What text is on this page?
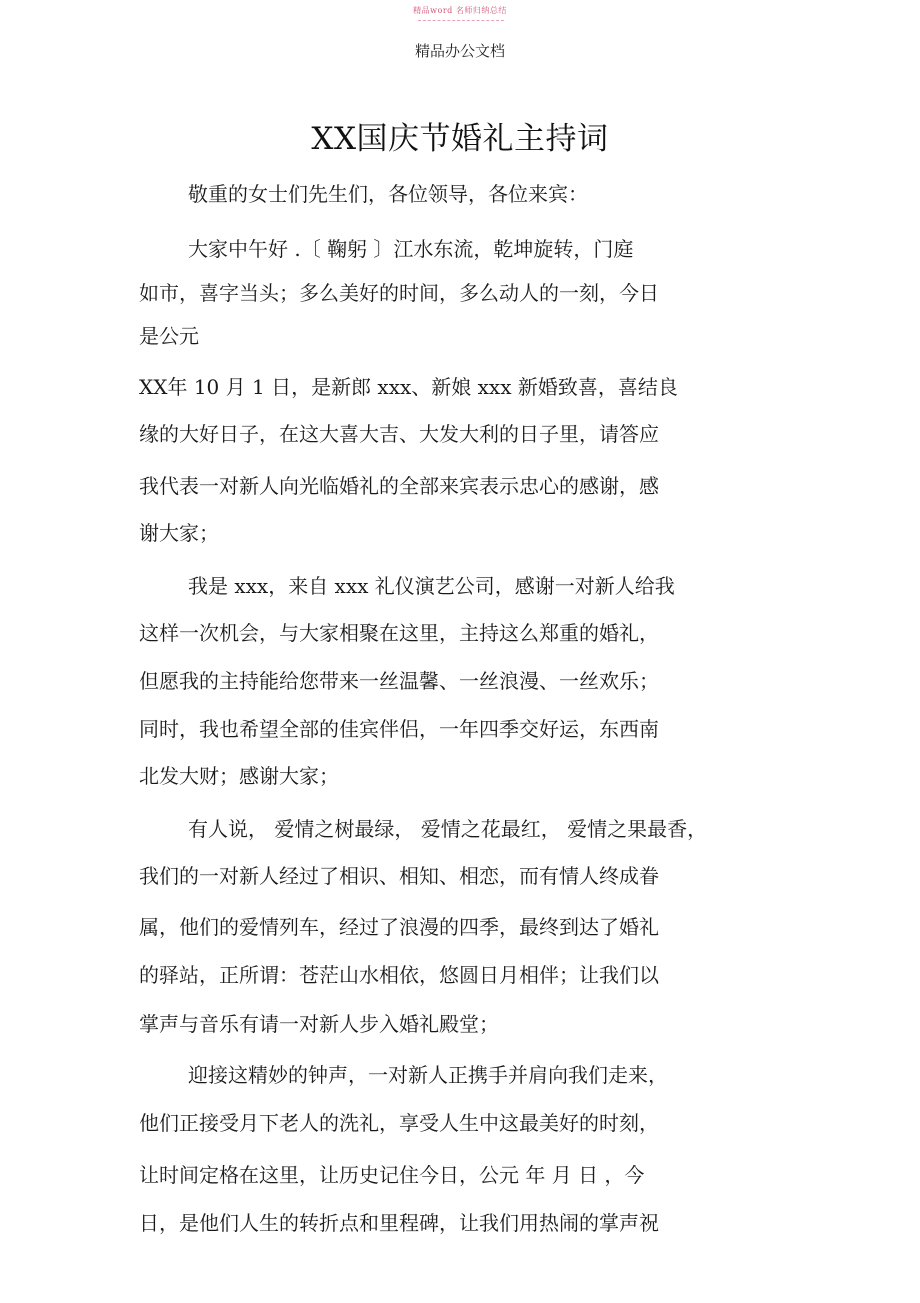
精品word 名师归纳总结
精品办公文档
XX国庆节婚礼主持词
敬重的女士们先生们，各位领导，各位来宾：
大家中午好 .〔 鞠躬 〕江水东流，乾坤旋转，门庭
如市，喜字当头；多么美好的时间，多么动人的一刻，今日
是公元
XX年 10 月 1 日，是新郎 xxx、新娘 xxx 新婚致喜，喜结良
缘的大好日子，在这大喜大吉、大发大利的日子里，请答应
我代表一对新人向光临婚礼的全部来宾表示忠心的感谢，感
谢大家；
我是 xxx，来自 xxx 礼仪演艺公司，感谢一对新人给我
这样一次机会，与大家相聚在这里，主持这么郑重的婚礼，
但愿我的主持能给您带来一丝温馨、一丝浪漫、一丝欢乐；
同时，我也希望全部的佳宾伴侣，一年四季交好运，东西南
北发大财；感谢大家；
有人说， 爱情之树最绿， 爱情之花最红， 爱情之果最香，
我们的一对新人经过了相识、相知、相恋，而有情人终成眷
属，他们的爱情列车，经过了浪漫的四季，最终到达了婚礼
的驿站，正所谓：苍茫山水相依，悠圆日月相伴；让我们以
掌声与音乐有请一对新人步入婚礼殿堂；
迎接这精妙的钟声，一对新人正携手并肩向我们走来，
他们正接受月下老人的洗礼，享受人生中这最美好的时刻，
让时间定格在这里，让历史记住今日，公元 年 月 日 ，今
日，是他们人生的转折点和里程碑，让我们用热闹的掌声祝
